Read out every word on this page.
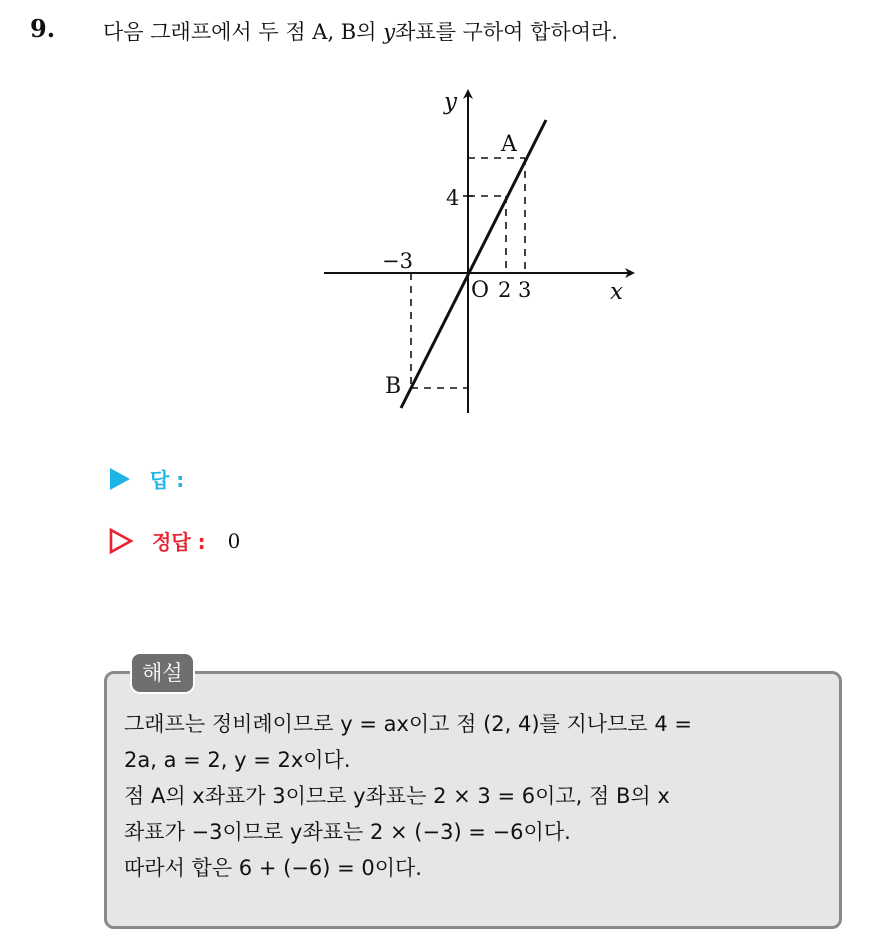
9. 다음 그래프에서 두 점 A, B의 y좌표를 구하여 합하여라.
y
x
O 2 3
4
−3
A
B
답 :
정답 : 0
해설

그래프는 정비례이므로 y = ax이고 점 (2, 4)를 지나므로 4 =

2a, a = 2, y = 2x이다.

점 A의 x좌표가 3이므로 y좌표는 2 × 3 = 6이고, 점 B의 x

좌표가 −3이므로 y좌표는 2 × (−3) = −6이다.

따라서 합은 6 + (−6) = 0이다.
